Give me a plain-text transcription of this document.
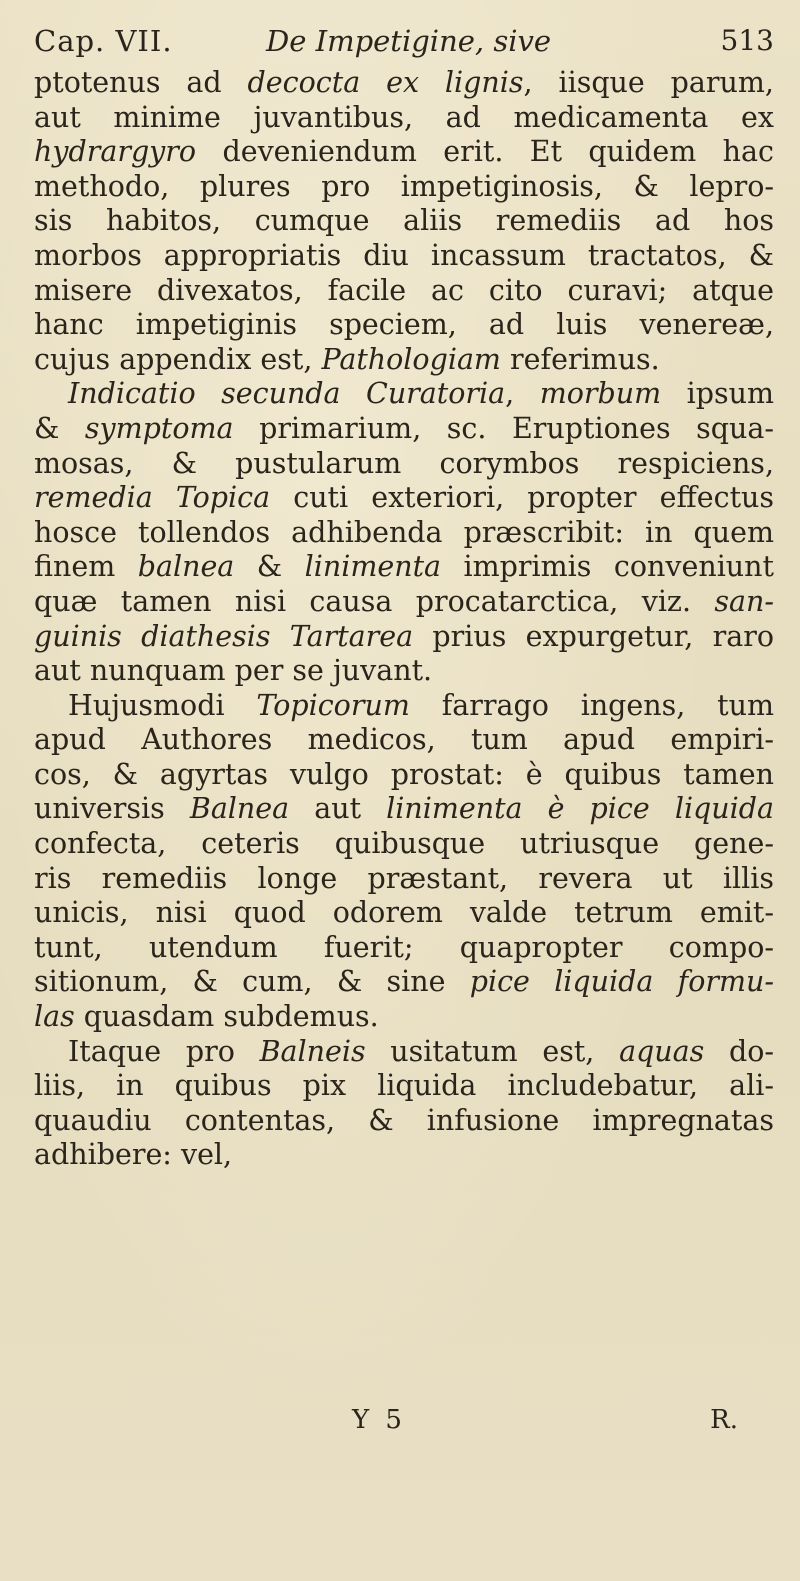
Cap. VII.	De Impetigine, sive	513
ptotenus ad decocta ex lignis, iisque parum,
aut minime juvantibus, ad medicamenta ex
hydrargyro deveniendum erit. Et quidem hac
methodo, plures pro impetiginosis, & lepro-
sis habitos, cumque aliis remediis ad hos
morbos appropriatis diu incassum tractatos, &
misere divexatos, facile ac cito curavi; atque
hanc impetiginis speciem, ad luis venereæ,
cujus appendix est, Pathologiam referimus.
Indicatio secunda Curatoria, morbum ipsum
& symptoma primarium, sc. Eruptiones squa-
mosas, & pustularum corymbos respiciens,
remedia Topica cuti exteriori, propter effectus
hosce tollendos adhibenda præscribit: in quem
finem balnea & linimenta imprimis conveniunt
quæ tamen nisi causa procatarctica, viz. san-
guinis diathesis Tartarea prius expurgetur, raro
aut nunquam per se juvant.
Hujusmodi Topicorum farrago ingens, tum
apud Authores medicos, tum apud empiri-
cos, & agyrtas vulgo prostat: è quibus tamen
universis Balnea aut linimenta è pice liquida
confecta, ceteris quibusque utriusque gene-
ris remediis longe præstant, revera ut illis
unicis, nisi quod odorem valde tetrum emit-
tunt, utendum fuerit; quapropter compo-
sitionum, & cum, & sine pice liquida formu-
las quasdam subdemus.
Itaque pro Balneis usitatum est, aquas do-
liis, in quibus pix liquida includebatur, ali-
quaudiu contentas, & infusione impregnatas
adhibere: vel,
Y 5	R.
